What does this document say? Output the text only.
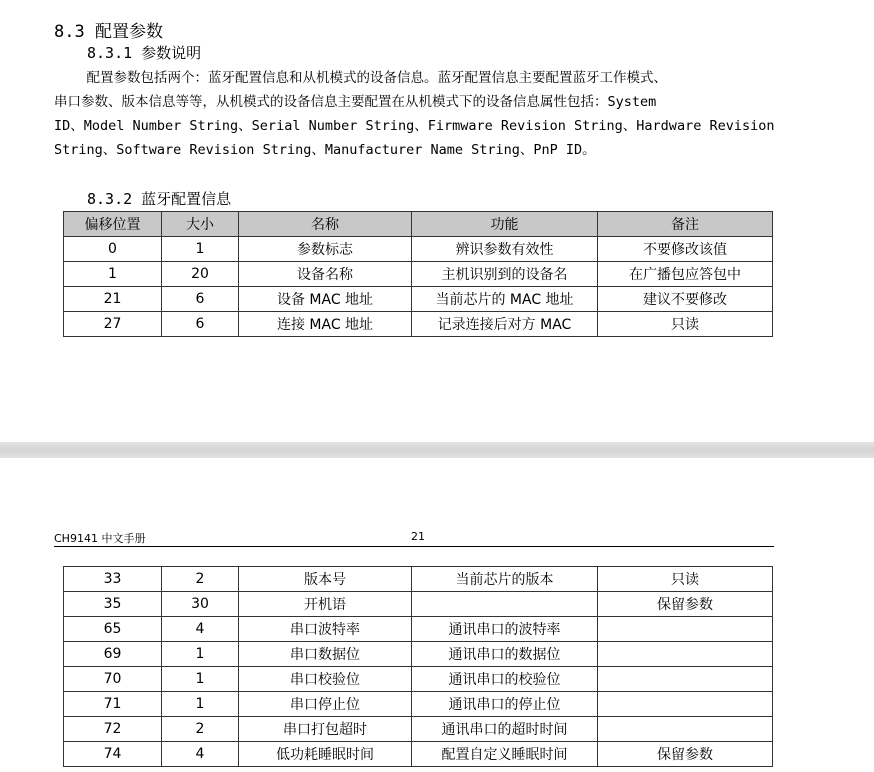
8.3 配置参数
8.3.1 参数说明
配置参数包括两个：蓝牙配置信息和从机模式的设备信息。蓝牙配置信息主要配置蓝牙工作模式、
串口参数、版本信息等等，从机模式的设备信息主要配置在从机模式下的设备信息属性包括：System
ID、Model Number String、Serial Number String、Firmware Revision String、Hardware Revision
String、Software Revision String、Manufacturer Name String、PnP ID。
8.3.2 蓝牙配置信息
偏移位置	大小	名称	功能	备注
0	1	参数标志	辨识参数有效性	不要修改该值
1	20	设备名称	主机识别到的设备名	在广播包应答包中
21	6	设备 MAC 地址	当前芯片的 MAC 地址	建议不要修改
27	6	连接 MAC 地址	记录连接后对方 MAC	只读
CH9141 中文手册	21
33	2	版本号	当前芯片的版本	只读
35	30	开机语		保留参数
65	4	串口波特率	通讯串口的波特率	
69	1	串口数据位	通讯串口的数据位	
70	1	串口校验位	通讯串口的校验位	
71	1	串口停止位	通讯串口的停止位	
72	2	串口打包超时	通讯串口的超时时间	
74	4	低功耗睡眠时间	配置自定义睡眠时间	保留参数
